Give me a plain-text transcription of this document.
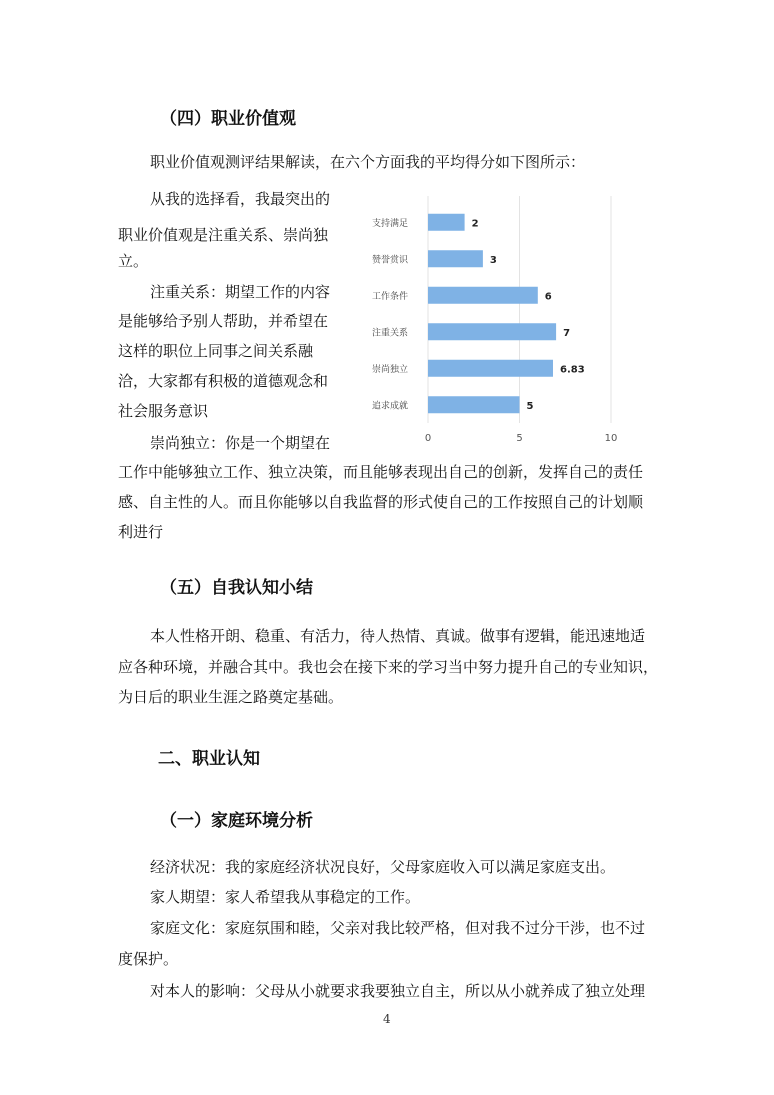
（四）职业价值观
职业价值观测评结果解读，在六个方面我的平均得分如下图所示：
从我的选择看，我最突出的
职业价值观是注重关系、崇尚独
立。
注重关系：期望工作的内容
是能够给予别人帮助，并希望在
这样的职位上同事之间关系融
洽，大家都有积极的道德观念和
社会服务意识
崇尚独立：你是一个期望在	0	5	10
支持满足	2
赞誉赏识	3
工作条件	6
注重关系	7
崇尚独立	6.83
追求成就	5
工作中能够独立工作、独立决策，而且能够表现出自己的创新，发挥自己的责任
感、自主性的人。而且你能够以自我监督的形式使自己的工作按照自己的计划顺
利进行
（五）自我认知小结
本人性格开朗、稳重、有活力，待人热情、真诚。做事有逻辑，能迅速地适
应各种环境，并融合其中。我也会在接下来的学习当中努力提升自己的专业知识，
为日后的职业生涯之路奠定基础。
二、职业认知
（一）家庭环境分析
经济状况：我的家庭经济状况良好，父母家庭收入可以满足家庭支出。
家人期望：家人希望我从事稳定的工作。
家庭文化：家庭氛围和睦，父亲对我比较严格，但对我不过分干涉，也不过
度保护。
对本人的影响：父母从小就要求我要独立自主，所以从小就养成了独立处理
4
